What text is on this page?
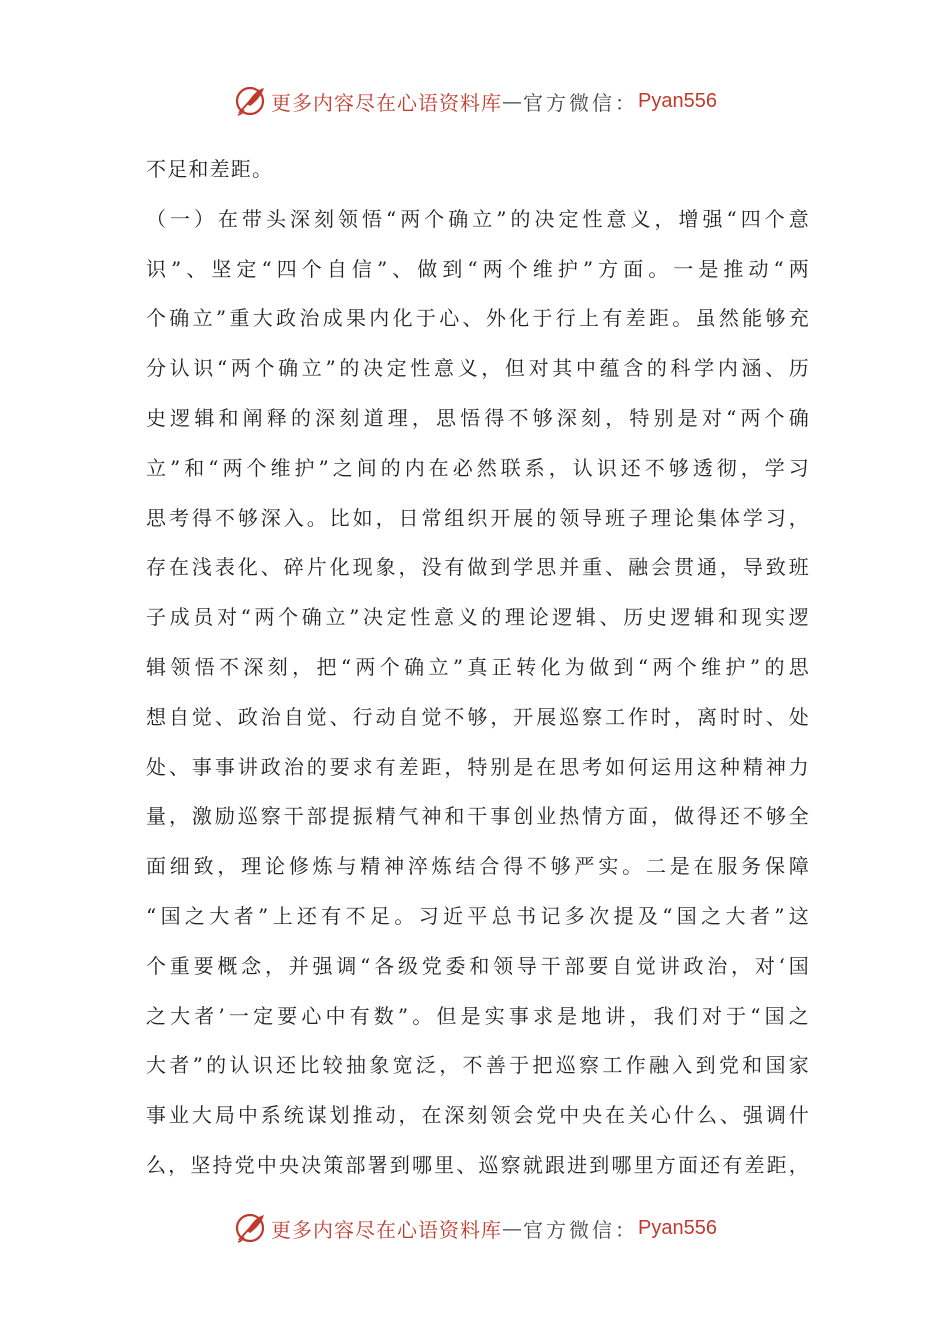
更多内容尽在心语资料库 — 官方微信： Pyan556
不足和差距。
（一）在带头深刻领悟“两个确立”的决定性意义，增强“四个意
识”、坚定“四个自信”、做到“两个维护”方面。一是推动“两
个确立”重大政治成果内化于心、外化于行上有差距。虽然能够充
分认识“两个确立”的决定性意义，但对其中蕴含的科学内涵、历
史逻辑和阐释的深刻道理，思悟得不够深刻，特别是对“两个确
立”和“两个维护”之间的内在必然联系，认识还不够透彻，学习
思考得不够深入。比如，日常组织开展的领导班子理论集体学习，
存在浅表化、碎片化现象，没有做到学思并重、融会贯通，导致班
子成员对“两个确立”决定性意义的理论逻辑、历史逻辑和现实逻
辑领悟不深刻，把“两个确立”真正转化为做到“两个维护”的思
想自觉、政治自觉、行动自觉不够，开展巡察工作时，离时时、处
处、事事讲政治的要求有差距，特别是在思考如何运用这种精神力
量，激励巡察干部提振精气神和干事创业热情方面，做得还不够全
面细致，理论修炼与精神淬炼结合得不够严实。二是在服务保障
“国之大者”上还有不足。习近平总书记多次提及“国之大者”这
个重要概念，并强调“各级党委和领导干部要自觉讲政治，对‘国
之大者’一定要心中有数”。但是实事求是地讲，我们对于“国之
大者”的认识还比较抽象宽泛，不善于把巡察工作融入到党和国家
事业大局中系统谋划推动，在深刻领会党中央在关心什么、强调什
么，坚持党中央决策部署到哪里、巡察就跟进到哪里方面还有差距，
更多内容尽在心语资料库 — 官方微信： Pyan556
